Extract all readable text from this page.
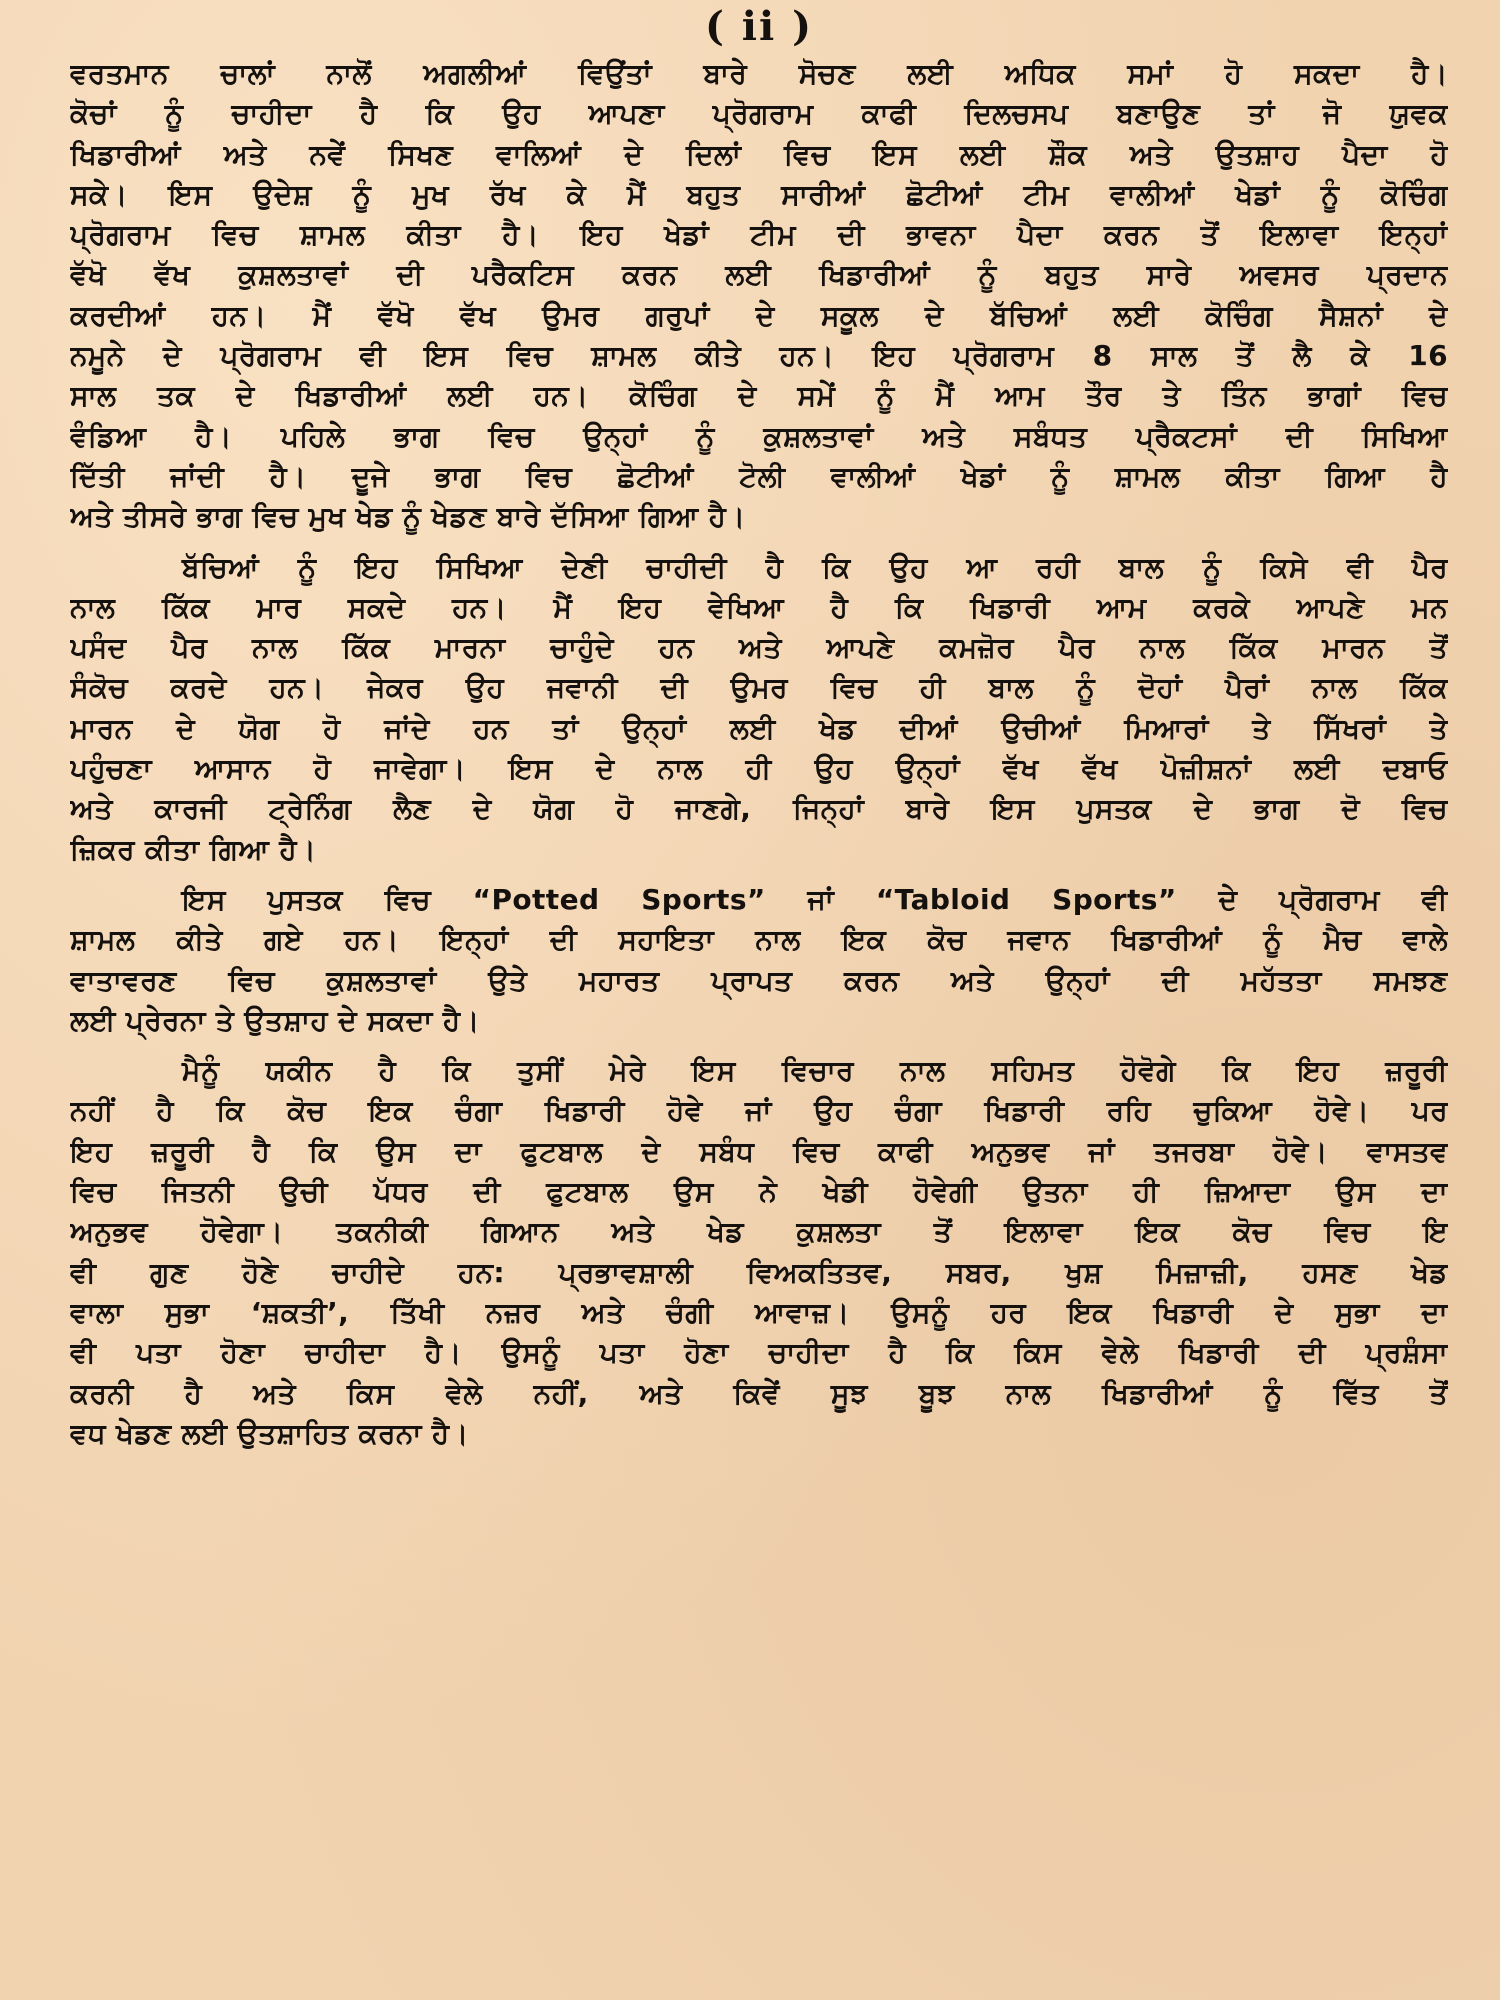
( ii )
ਵਰਤਮਾਨ ਚਾਲਾਂ ਨਾਲੋਂ ਅਗਲੀਆਂ ਵਿਉਂਤਾਂ ਬਾਰੇ ਸੋਚਣ ਲਈ ਅਧਿਕ ਸਮਾਂ ਹੋ ਸਕਦਾ ਹੈ।
ਕੋਚਾਂ ਨੂੰ ਚਾਹੀਦਾ ਹੈ ਕਿ ਉਹ ਆਪਣਾ ਪ੍ਰੋਗਰਾਮ ਕਾਫੀ ਦਿਲਚਸਪ ਬਣਾਉਣ ਤਾਂ ਜੋ ਯੁਵਕ
ਖਿਡਾਰੀਆਂ ਅਤੇ ਨਵੇਂ ਸਿਖਣ ਵਾਲਿਆਂ ਦੇ ਦਿਲਾਂ ਵਿਚ ਇਸ ਲਈ ਸ਼ੌਕ ਅਤੇ ਉਤਸ਼ਾਹ ਪੈਦਾ ਹੋ
ਸਕੇ। ਇਸ ਉਦੇਸ਼ ਨੂੰ ਮੁਖ ਰੱਖ ਕੇ ਮੈਂ ਬਹੁਤ ਸਾਰੀਆਂ ਛੋਟੀਆਂ ਟੀਮ ਵਾਲੀਆਂ ਖੇਡਾਂ ਨੂੰ ਕੋਚਿੰਗ
ਪ੍ਰੋਗਰਾਮ ਵਿਚ ਸ਼ਾਮਲ ਕੀਤਾ ਹੈ। ਇਹ ਖੇਡਾਂ ਟੀਮ ਦੀ ਭਾਵਨਾ ਪੈਦਾ ਕਰਨ ਤੋਂ ਇਲਾਵਾ ਇਨ੍ਹਾਂ
ਵੱਖੋ ਵੱਖ ਕੁਸ਼ਲਤਾਵਾਂ ਦੀ ਪਰੈਕਟਿਸ ਕਰਨ ਲਈ ਖਿਡਾਰੀਆਂ ਨੂੰ ਬਹੁਤ ਸਾਰੇ ਅਵਸਰ ਪ੍ਰਦਾਨ
ਕਰਦੀਆਂ ਹਨ। ਮੈਂ ਵੱਖੋ ਵੱਖ ਉਮਰ ਗਰੁਪਾਂ ਦੇ ਸਕੂਲ ਦੇ ਬੱਚਿਆਂ ਲਈ ਕੋਚਿੰਗ ਸੈਸ਼ਨਾਂ ਦੇ
ਨਮੂਨੇ ਦੇ ਪ੍ਰੋਗਰਾਮ ਵੀ ਇਸ ਵਿਚ ਸ਼ਾਮਲ ਕੀਤੇ ਹਨ। ਇਹ ਪ੍ਰੋਗਰਾਮ 8 ਸਾਲ ਤੋਂ ਲੈ ਕੇ 16
ਸਾਲ ਤਕ ਦੇ ਖਿਡਾਰੀਆਂ ਲਈ ਹਨ। ਕੋਚਿੰਗ ਦੇ ਸਮੇਂ ਨੂੰ ਮੈਂ ਆਮ ਤੌਰ ਤੇ ਤਿੰਨ ਭਾਗਾਂ ਵਿਚ
ਵੰਡਿਆ ਹੈ। ਪਹਿਲੇ ਭਾਗ ਵਿਚ ਉਨ੍ਹਾਂ ਨੂੰ ਕੁਸ਼ਲਤਾਵਾਂ ਅਤੇ ਸਬੰਧਤ ਪ੍ਰੈਕਟਸਾਂ ਦੀ ਸਿਖਿਆ
ਦਿੱਤੀ ਜਾਂਦੀ ਹੈ। ਦੂਜੇ ਭਾਗ ਵਿਚ ਛੋਟੀਆਂ ਟੋਲੀ ਵਾਲੀਆਂ ਖੇਡਾਂ ਨੂੰ ਸ਼ਾਮਲ ਕੀਤਾ ਗਿਆ ਹੈ
ਅਤੇ ਤੀਸਰੇ ਭਾਗ ਵਿਚ ਮੁਖ ਖੇਡ ਨੂੰ ਖੇਡਣ ਬਾਰੇ ਦੱਸਿਆ ਗਿਆ ਹੈ।
ਬੱਚਿਆਂ ਨੂੰ ਇਹ ਸਿਖਿਆ ਦੇਣੀ ਚਾਹੀਦੀ ਹੈ ਕਿ ਉਹ ਆ ਰਹੀ ਬਾਲ ਨੂੰ ਕਿਸੇ ਵੀ ਪੈਰ
ਨਾਲ ਕਿੱਕ ਮਾਰ ਸਕਦੇ ਹਨ। ਮੈਂ ਇਹ ਵੇਖਿਆ ਹੈ ਕਿ ਖਿਡਾਰੀ ਆਮ ਕਰਕੇ ਆਪਣੇ ਮਨ
ਪਸੰਦ ਪੈਰ ਨਾਲ ਕਿੱਕ ਮਾਰਨਾ ਚਾਹੁੰਦੇ ਹਨ ਅਤੇ ਆਪਣੇ ਕਮਜ਼ੋਰ ਪੈਰ ਨਾਲ ਕਿੱਕ ਮਾਰਨ ਤੋਂ
ਸੰਕੋਚ ਕਰਦੇ ਹਨ। ਜੇਕਰ ਉਹ ਜਵਾਨੀ ਦੀ ਉਮਰ ਵਿਚ ਹੀ ਬਾਲ ਨੂੰ ਦੋਹਾਂ ਪੈਰਾਂ ਨਾਲ ਕਿੱਕ
ਮਾਰਨ ਦੇ ਯੋਗ ਹੋ ਜਾਂਦੇ ਹਨ ਤਾਂ ਉਨ੍ਹਾਂ ਲਈ ਖੇਡ ਦੀਆਂ ਉਚੀਆਂ ਮਿਆਰਾਂ ਤੇ ਸਿੱਖਰਾਂ ਤੇ
ਪਹੁੰਚਣਾ ਆਸਾਨ ਹੋ ਜਾਵੇਗਾ। ਇਸ ਦੇ ਨਾਲ ਹੀ ਉਹ ਉਨ੍ਹਾਂ ਵੱਖ ਵੱਖ ਪੋਜ਼ੀਸ਼ਨਾਂ ਲਈ ਦਬਾਓ
ਅਤੇ ਕਾਰਜੀ ਟ੍ਰੇਨਿੰਗ ਲੈਣ ਦੇ ਯੋਗ ਹੋ ਜਾਣਗੇ, ਜਿਨ੍ਹਾਂ ਬਾਰੇ ਇਸ ਪੁਸਤਕ ਦੇ ਭਾਗ ਦੋ ਵਿਚ
ਜ਼ਿਕਰ ਕੀਤਾ ਗਿਆ ਹੈ।
ਇਸ ਪੁਸਤਕ ਵਿਚ “Potted Sports” ਜਾਂ “Tabloid Sports” ਦੇ ਪ੍ਰੋਗਰਾਮ ਵੀ
ਸ਼ਾਮਲ ਕੀਤੇ ਗਏ ਹਨ। ਇਨ੍ਹਾਂ ਦੀ ਸਹਾਇਤਾ ਨਾਲ ਇਕ ਕੋਚ ਜਵਾਨ ਖਿਡਾਰੀਆਂ ਨੂੰ ਮੈਚ ਵਾਲੇ
ਵਾਤਾਵਰਣ ਵਿਚ ਕੁਸ਼ਲਤਾਵਾਂ ਉਤੇ ਮਹਾਰਤ ਪ੍ਰਾਪਤ ਕਰਨ ਅਤੇ ਉਨ੍ਹਾਂ ਦੀ ਮਹੱਤਤਾ ਸਮਝਣ
ਲਈ ਪ੍ਰੇਰਨਾ ਤੇ ਉਤਸ਼ਾਹ ਦੇ ਸਕਦਾ ਹੈ।
ਮੈਨੂੰ ਯਕੀਨ ਹੈ ਕਿ ਤੁਸੀਂ ਮੇਰੇ ਇਸ ਵਿਚਾਰ ਨਾਲ ਸਹਿਮਤ ਹੋਵੋਗੇ ਕਿ ਇਹ ਜ਼ਰੂਰੀ
ਨਹੀਂ ਹੈ ਕਿ ਕੋਚ ਇਕ ਚੰਗਾ ਖਿਡਾਰੀ ਹੋਵੇ ਜਾਂ ਉਹ ਚੰਗਾ ਖਿਡਾਰੀ ਰਹਿ ਚੁਕਿਆ ਹੋਵੇ। ਪਰ
ਇਹ ਜ਼ਰੂਰੀ ਹੈ ਕਿ ਉਸ ਦਾ ਫੁਟਬਾਲ ਦੇ ਸਬੰਧ ਵਿਚ ਕਾਫੀ ਅਨੁਭਵ ਜਾਂ ਤਜਰਬਾ ਹੋਵੇ। ਵਾਸਤਵ
ਵਿਚ ਜਿਤਨੀ ਉਚੀ ਪੱਧਰ ਦੀ ਫੁਟਬਾਲ ਉਸ ਨੇ ਖੇਡੀ ਹੋਵੇਗੀ ਉਤਨਾ ਹੀ ਜ਼ਿਆਦਾ ਉਸ ਦਾ
ਅਨੁਭਵ ਹੋਵੇਗਾ। ਤਕਨੀਕੀ ਗਿਆਨ ਅਤੇ ਖੇਡ ਕੁਸ਼ਲਤਾ ਤੋਂ ਇਲਾਵਾ ਇਕ ਕੋਚ ਵਿਚ ਇ
ਵੀ ਗੁਣ ਹੋਣੇ ਚਾਹੀਦੇ ਹਨ: ਪ੍ਰਭਾਵਸ਼ਾਲੀ ਵਿਅਕਤਿਤਵ, ਸਬਰ, ਖੁਸ਼ ਮਿਜ਼ਾਜ਼ੀ, ਹਸਣ ਖੇਡ
ਵਾਲਾ ਸੁਭਾ ‘ਸ਼ਕਤੀ’, ਤਿੱਖੀ ਨਜ਼ਰ ਅਤੇ ਚੰਗੀ ਆਵਾਜ਼। ਉਸਨੂੰ ਹਰ ਇਕ ਖਿਡਾਰੀ ਦੇ ਸੁਭਾ ਦਾ
ਵੀ ਪਤਾ ਹੋਣਾ ਚਾਹੀਦਾ ਹੈ। ਉਸਨੂੰ ਪਤਾ ਹੋਣਾ ਚਾਹੀਦਾ ਹੈ ਕਿ ਕਿਸ ਵੇਲੇ ਖਿਡਾਰੀ ਦੀ ਪ੍ਰਸ਼ੰਸਾ
ਕਰਨੀ ਹੈ ਅਤੇ ਕਿਸ ਵੇਲੇ ਨਹੀਂ, ਅਤੇ ਕਿਵੇਂ ਸੂਝ ਬੂਝ ਨਾਲ ਖਿਡਾਰੀਆਂ ਨੂੰ ਵਿੱਤ ਤੋਂ
ਵਧ ਖੇਡਣ ਲਈ ਉਤਸ਼ਾਹਿਤ ਕਰਨਾ ਹੈ।
